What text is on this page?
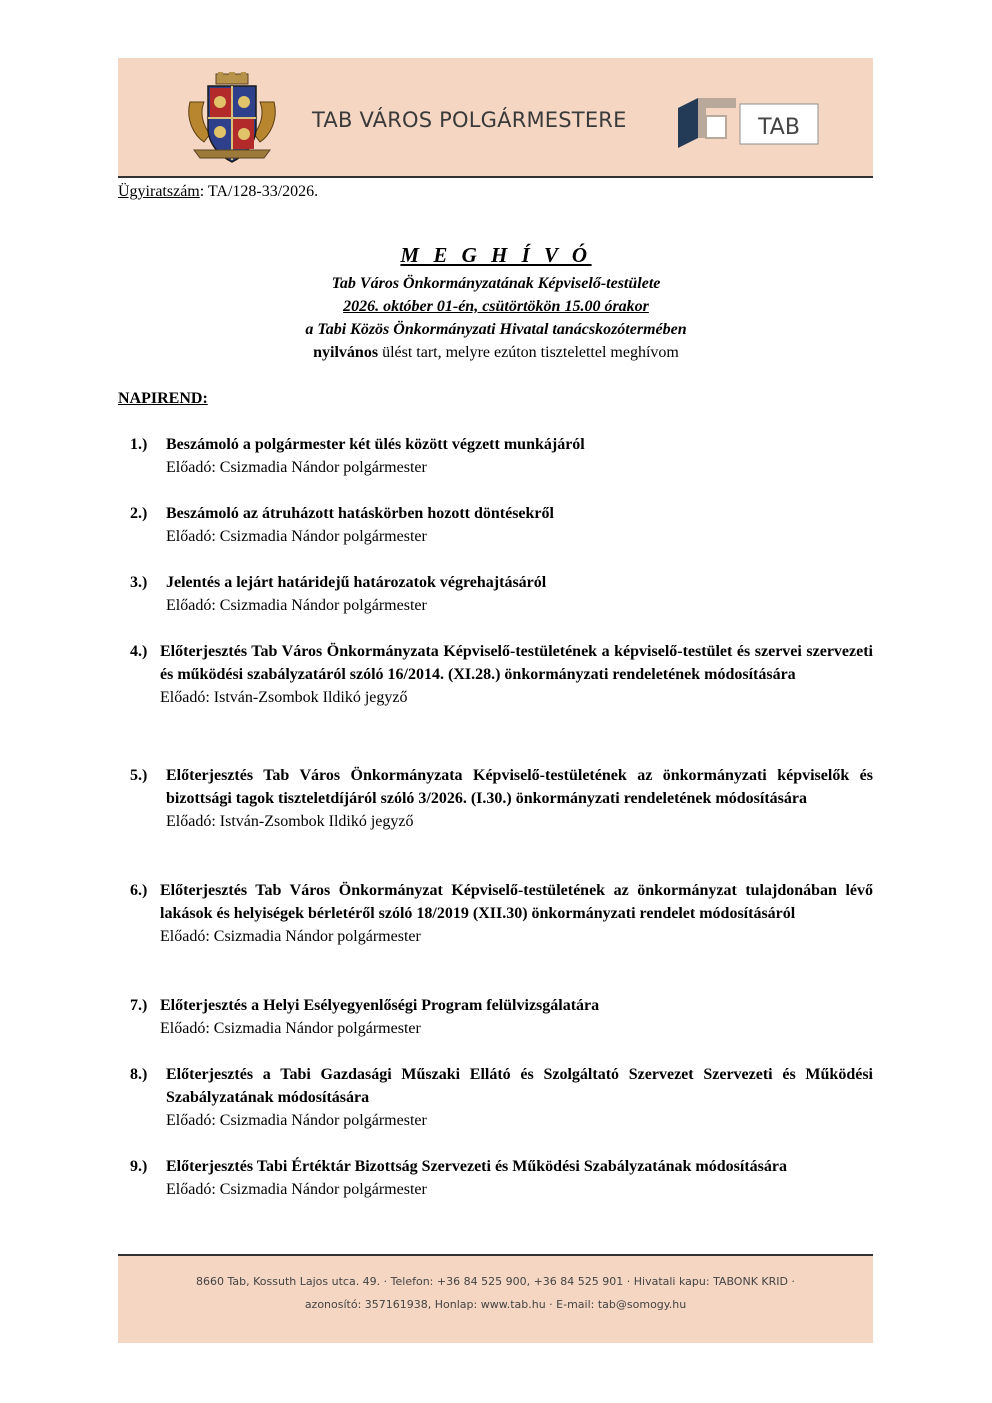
TAB VÁROS POLGÁRMESTERE	TAB
Ügyiratszám: TA/128-33/2026.
M E G H Í V Ó
Tab Város Önkormányzatának Képviselő-testülete
2026. október 01-én, csütörtökön 15.00 órakor
a Tabi Közös Önkormányzati Hivatal tanácskozótermében
nyilvános ülést tart, melyre ezúton tisztelettel meghívom
NAPIREND:
1.) Beszámoló a polgármester két ülés között végzett munkájáról
Előadó: Csizmadia Nándor polgármester
2.) Beszámoló az átruházott hatáskörben hozott döntésekről
Előadó: Csizmadia Nándor polgármester
3.) Jelentés a lejárt határidejű határozatok végrehajtásáról
Előadó: Csizmadia Nándor polgármester
4.) Előterjesztés Tab Város Önkormányzata Képviselő-testületének a képviselő-testület és szervei szervezeti és működési szabályzatáról szóló 16/2014. (XI.28.) önkormányzati rendeletének módosítására
Előadó: István-Zsombok Ildikó jegyző
5.) Előterjesztés Tab Város Önkormányzata Képviselő-testületének az önkormányzati képviselők és bizottsági tagok tiszteletdíjáról szóló 3/2026. (I.30.) önkormányzati rendeletének módosítására
Előadó: István-Zsombok Ildikó jegyző
6.) Előterjesztés Tab Város Önkormányzat Képviselő-testületének az önkormányzat tulajdonában lévő lakások és helyiségek bérletéről szóló 18/2019 (XII.30) önkormányzati rendelet módosításáról
Előadó: Csizmadia Nándor polgármester
7.) Előterjesztés a Helyi Esélyegyenlőségi Program felülvizsgálatára
Előadó: Csizmadia Nándor polgármester
8.) Előterjesztés a Tabi Gazdasági Műszaki Ellátó és Szolgáltató Szervezet Szervezeti és Működési Szabályzatának módosítására
Előadó: Csizmadia Nándor polgármester
9.) Előterjesztés Tabi Értéktár Bizottság Szervezeti és Működési Szabályzatának módosítására
Előadó: Csizmadia Nándor polgármester
8660 Tab, Kossuth Lajos utca. 49. · Telefon: +36 84 525 900, +36 84 525 901 · Hivatali kapu: TABONK KRID ·
azonosító: 357161938, Honlap: www.tab.hu · E-mail: tab@somogy.hu
